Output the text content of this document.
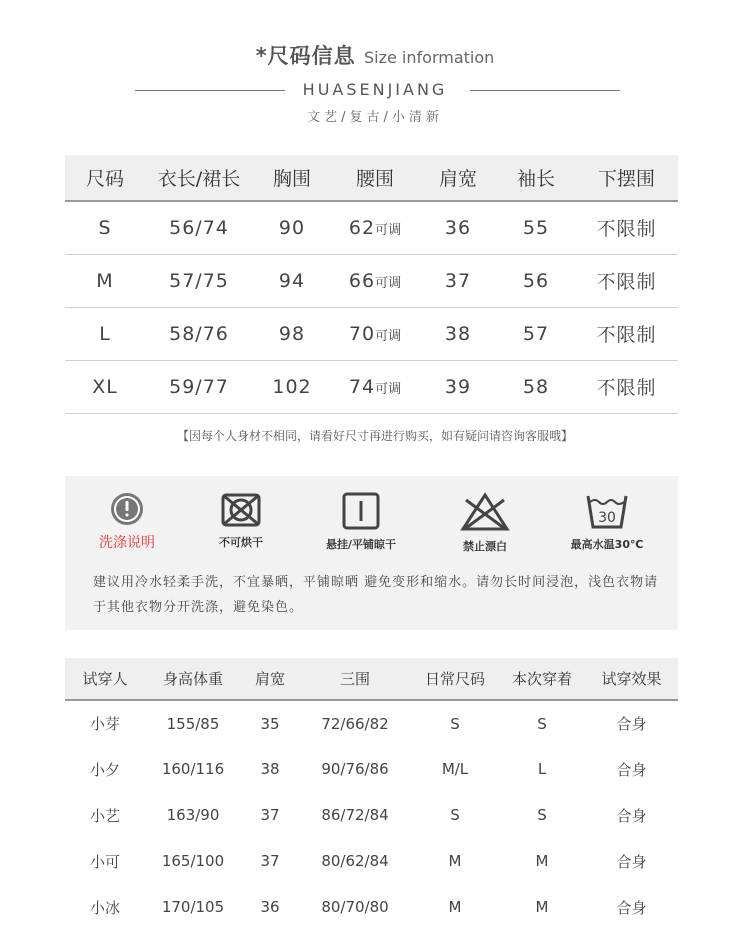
*尺码信息 Size information
HUASENJIANG
文艺/复古/小清新
尺码	衣长/裙长	胸围	腰围	肩宽	袖长	下摆围
S	56/74	90	62可调	36	55	不限制
M	57/75	94	66可调	37	56	不限制
L	58/76	98	70可调	38	57	不限制
XL	59/77	102	74可调	39	58	不限制
【因每个人身材不相同，请看好尺寸再进行购买，如有疑问请咨询客服哦】
洗涤说明	不可烘干	悬挂/平铺晾干	禁止漂白
30
最高水温30℃
建议用冷水轻柔手洗，不宜暴晒，平铺晾晒 避免变形和缩水。请勿长时间浸泡，浅色衣物请于其他衣物分开洗涤，避免染色。
试穿人	身高体重	肩宽	三围	日常尺码	本次穿着	试穿效果
小芽	155/85	35	72/66/82	S	S	合身
小夕	160/116	38	90/76/86	M/L	L	合身
小艺	163/90	37	86/72/84	S	S	合身
小可	165/100	37	80/62/84	M	M	合身
小冰	170/105	36	80/70/80	M	M	合身
